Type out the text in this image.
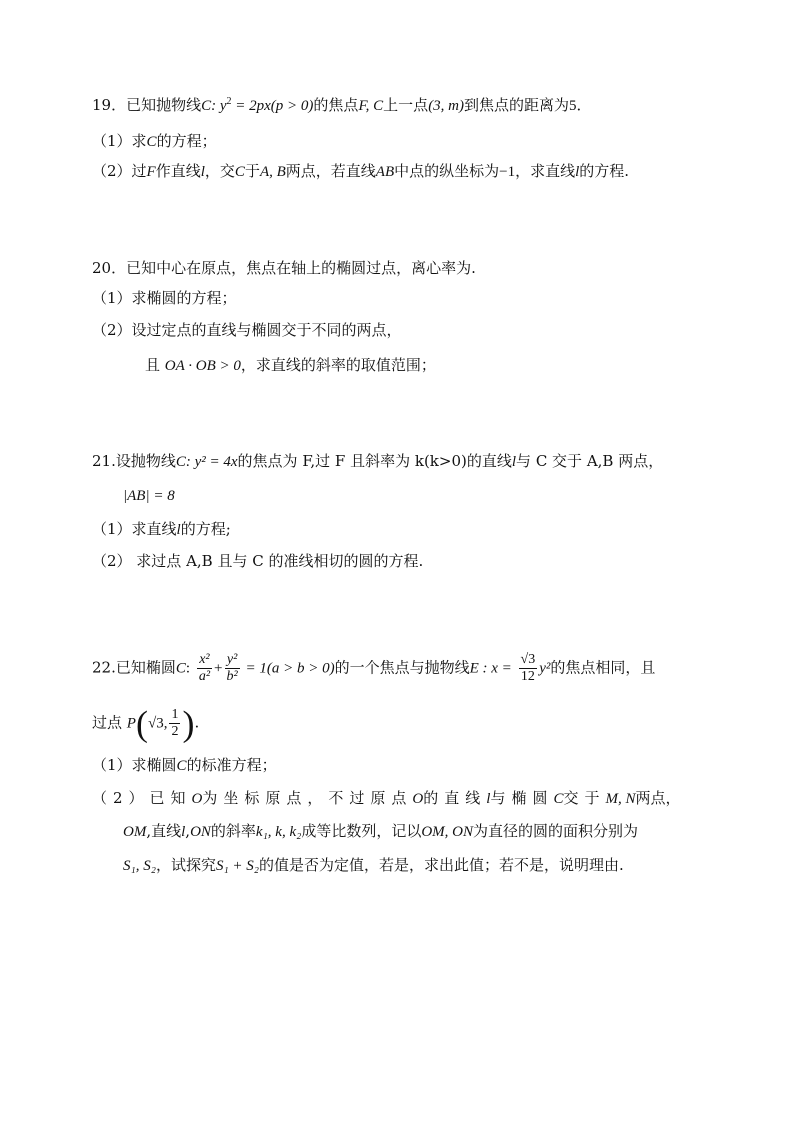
19．已知抛物线C: $y^2 = 2px(p > 0)$的焦点F, C上一点(3, m)到焦点的距离为5．
（1）求C的方程；
（2）过F作直线l，交C于A, B两点，若直线AB中点的纵坐标为−1，求直线l的方程.
20．已知中心在原点，焦点在轴上的椭圆过点，离心率为.
（1）求椭圆的方程；
（2）设过定点的直线与椭圆交于不同的两点，
且 OA · OB > 0，求直线的斜率的取值范围；
21.设抛物线C: y² = 4x的焦点为 F,过 F 且斜率为 k(k>0)的直线l与 C 交于 A,B 两点，
|AB| = 8
（1）求直线l的方程;
（2） 求过点 A,B 且与 C 的准线相切的圆的方程.
22.已知椭圆C: $\frac{\text{x²}}{\text{a²}} + \frac{\text{y²}}{\text{b²}} = 1(a > b > 0)$的一个焦点与抛物线E : $x = \frac{√3}{12} y^2$的焦点相同，且
过点 P(√3, $\frac{1}{2}$ ).
（1）求椭圆C的标准方程；
（2）已知O为坐标原点，不过原点O的直线l与椭圆C交于M, N两点，
OM,直线l,ON的斜率k₁, k, k₂成等比数列，记以OM, ON为直径的圆的面积分别为
S₁, S₂，试探究S₁ + S₂的值是否为定值，若是，求出此值；若不是，说明理由.
